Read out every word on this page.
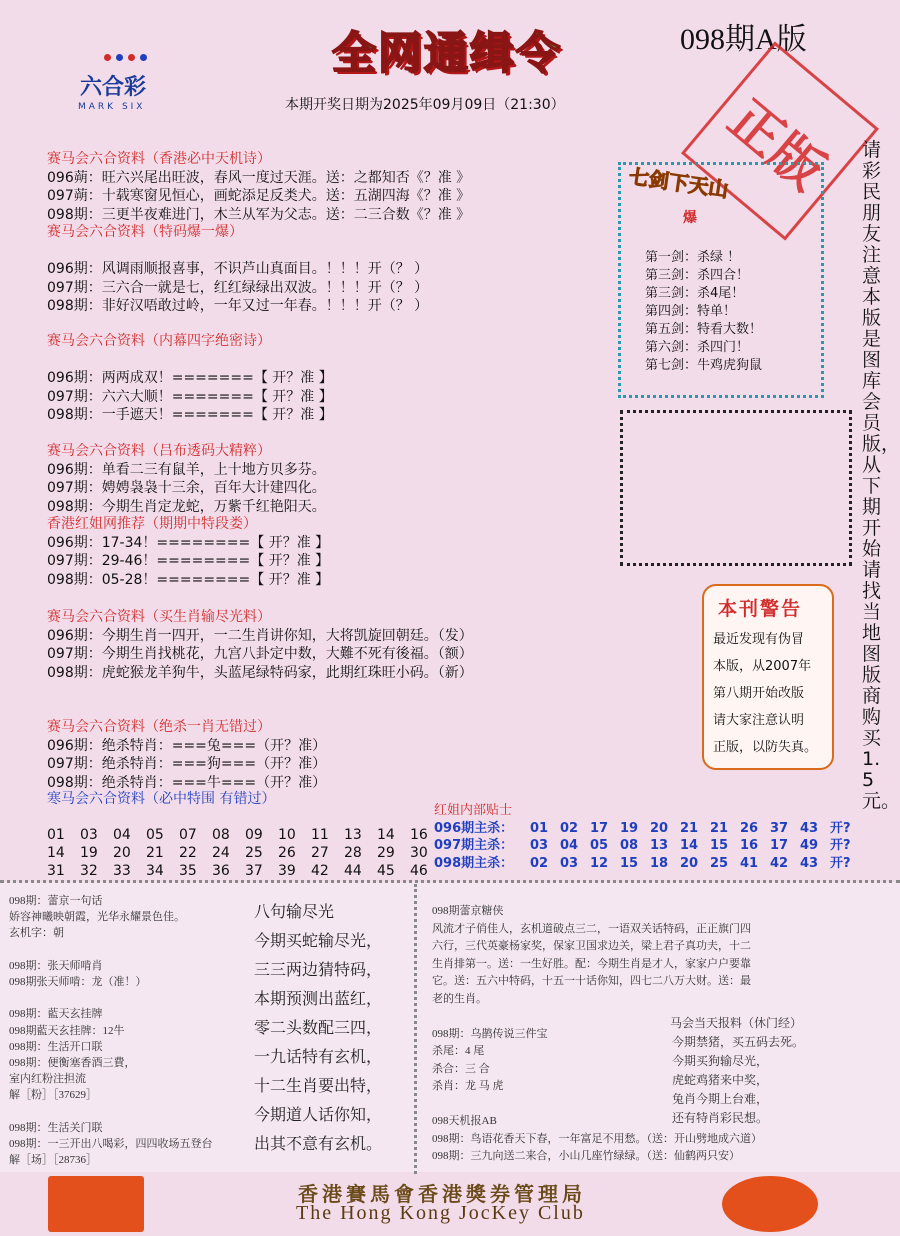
六合彩
MARK SIX
全网通缉令	098期A版
本期开奖日期为2025年09月09日（21:30）	正版	请彩民朋友注意本版是图库会员版，从下期开始请找当地图版商购买1.5元。
赛马会六合资料（香港必中天机诗）
096蒴：旺六兴尾出旺波，春风一度过天涯。送：之都知否《？准 》
097蒴：十载寒窗见恒心，画蛇添足反类犬。送：五湖四海《？准 》
098期：三更半夜难进门，木兰从军为父志。送：二三合数《？准 》
赛马会六合资料（特码爆一爆）

096期：风调雨顺报喜事，不识芦山真面目。！！！开（？ ）
097期：三六合一就是七，红红绿绿出双波。！！！开（？ ）
098期：非好汉唔敢过岭，一年又过一年春。！！！开（？ ）
赛马会六合资料（内幕四字绝密诗）

096期：两两成双！=======【 开？准 】
097期：六六大顺！=======【 开？准 】
098期：一手遮天！=======【 开？准 】
赛马会六合资料（吕布透码大精粹）
096期：单看二三有鼠羊，上十地方贝多芬。
097期：娉娉袅袅十三余，百年大计建四化。
098期：今期生肖定龙蛇，万紫千红艳阳天。
香港红姐网推荐（期期中特段娄）
096期：17-34！========【 开？准 】
097期：29-46！========【 开？准 】
098期：05-28！========【 开？准 】
赛马会六合资料（买生肖输尽光料）
096期：今期生肖一四开，一二生肖讲你知，大将凯旋回朝廷。（发）
097期：今期生肖找桃花，九宫八卦定中数，大難不死有後福。（额）
098期：虎蛇猴龙羊狗牛，头蓝尾绿特码家，此期红珠旺小码。（新）
赛马会六合资料（绝杀一肖无错过）
096期：绝杀特肖：===兔===（开？准）
097期：绝杀特肖：===狗===（开？准）
098期：绝杀特肖：===牛===（开？准）
寒马会六合资料（必中特围 有错过）
01	03	04	05	07	08	09	10	11	13	14	16
14	19	20	21	22	24	25	26	27	28	29	30
31	32	33	34	35	36	37	39	42	44	45	46
七剑下天山
爆
第一剑：杀绿 ！
第三剑：杀四合！
第三剑：杀4尾！
第四剑：特单！
第五剑：特看大数！
第六剑：杀四门！
第七剑：牛鸡虎狗鼠
本刊警告
最近发现有伪冒
本版，从2007年
第八期开始改版
请大家注意认明
正版，以防失真。
红姐内部贴士
096期主杀： 01 02 17 19 20 21 21 26 37 43 开?
097期主杀： 03 04 05 08 13 14 15 16 17 49 开?
098期主杀： 02 03 12 15 18 20 25 41 42 43 开?
098期：蕾京一句话
娇容神曦映朝霞，光华永耀景色佳。
玄机字：朝

098期：张天师啃肖
098期张天师啃：龙（准！）

098期：藍天玄挂牌
098期藍天玄挂牌：12牛
098期：生活开口联
098期：便衡塞香酒三費，
室内红粉注担流
解［粉］［37629］

098期：生活关门联
098期：一三开出八喝彩，四四收场五登台
解［场］［28736］
八句输尽光
今期买蛇输尽光，
三三两边猜特码，
本期预测出蓝红，
零二头数配三四，
一九话特有玄机，
十二生肖要出特，
今期道人话你知，
出其不意有玄机。
098期蕾京糖侠
风流才子俏佳人，玄机道破点三二，一语双关话特码，正正旗门四
六行，三代英豪杨家奖，保家卫国求边关，梁上君子真功夫，十二
生肖排第一。送：一生好胜。配：今期生肖是才人，家家户户要靠
它。送：五六中特码，十五一十话你知，四七二八万大财。送：最
老的生肖。

098期：乌鹊传说三件宝
杀尾：4 尾
杀合：三 合
杀肖：龙 马 虎

098天机报AB
098期：鸟语花香天下春，一年富足不用愁。（送：开山劈地成六道）
098期：三九向送二来合，小山几座竹绿绿。（送：仙鹤两只安）
马会当天报料（休门经）
今期禁猪，买五码去死。
今期买狗输尽光，
虎蛇鸡猪来中奖，
兔肖今期上台难，
还有特肖彩民想。
香港賽馬會香港獎券管理局
The Hong Kong JocKey Club
